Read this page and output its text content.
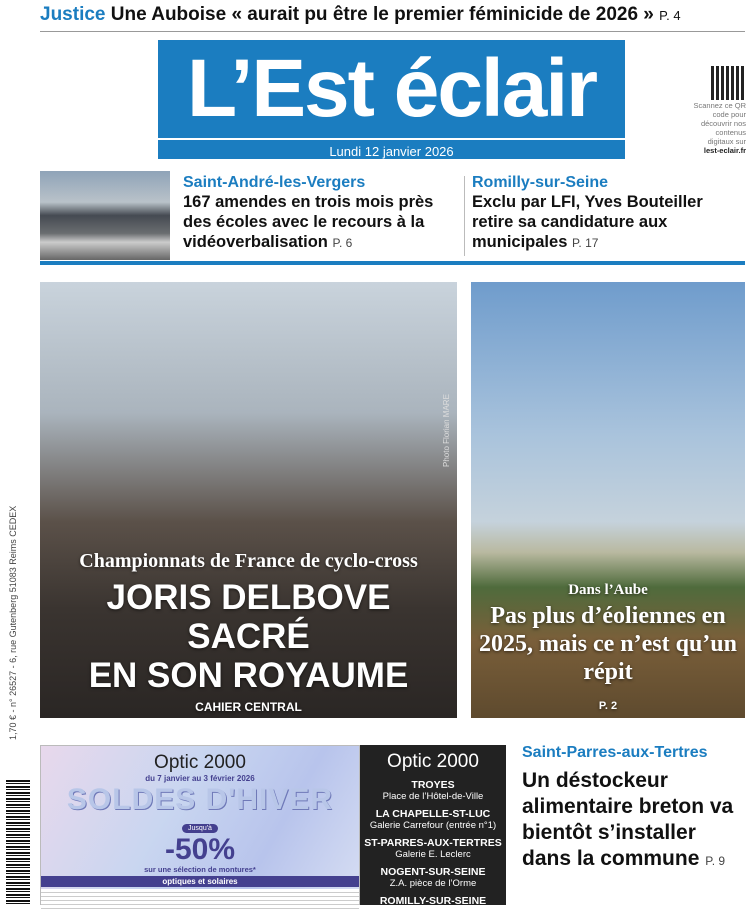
Justice Une Auboise « aurait pu être le premier féminicide de 2026 » P. 4
L’Est éclair
Lundi 12 janvier 2026
Scannez ce QR code pour découvrir nos contenus digitaux sur
lest-eclair.fr
Saint-André-les-Vergers
167 amendes en trois mois près des écoles avec le recours à la vidéoverbalisation P. 6
Romilly-sur-Seine
Exclu par LFI, Yves Bouteiller retire sa candidature aux municipales P. 17
Photo Florian MARE
Championnats de France de cyclo-cross
JORIS DELBOVE
SACRÉ
EN SON ROYAUME
CAHIER CENTRAL
Dans l’Aube
Pas plus d’éoliennes en 2025, mais ce n’est qu’un répit
P. 2
Optic 2000
du 7 janvier au 3 février 2026
SOLDES D'HIVER
Jusqu'à
-50%
sur une sélection de montures*
optiques et solaires
Optic 2000
TROYES
Place de l’Hôtel-de-Ville
LA CHAPELLE-ST-LUC
Galerie Carrefour (entrée n°1)
ST-PARRES-AUX-TERTRES
Galerie E. Leclerc
NOGENT-SUR-SEINE
Z.A. pièce de l’Orme
ROMILLY-SUR-SEINE
Galerie E. Leclerc
Saint-Parres-aux-Tertres
Un déstockeur alimentaire breton va bientôt s’installer dans la commune P. 9
1,70 € - n° 26527 - 6, rue Gutenberg 51083 Reims CEDEX
